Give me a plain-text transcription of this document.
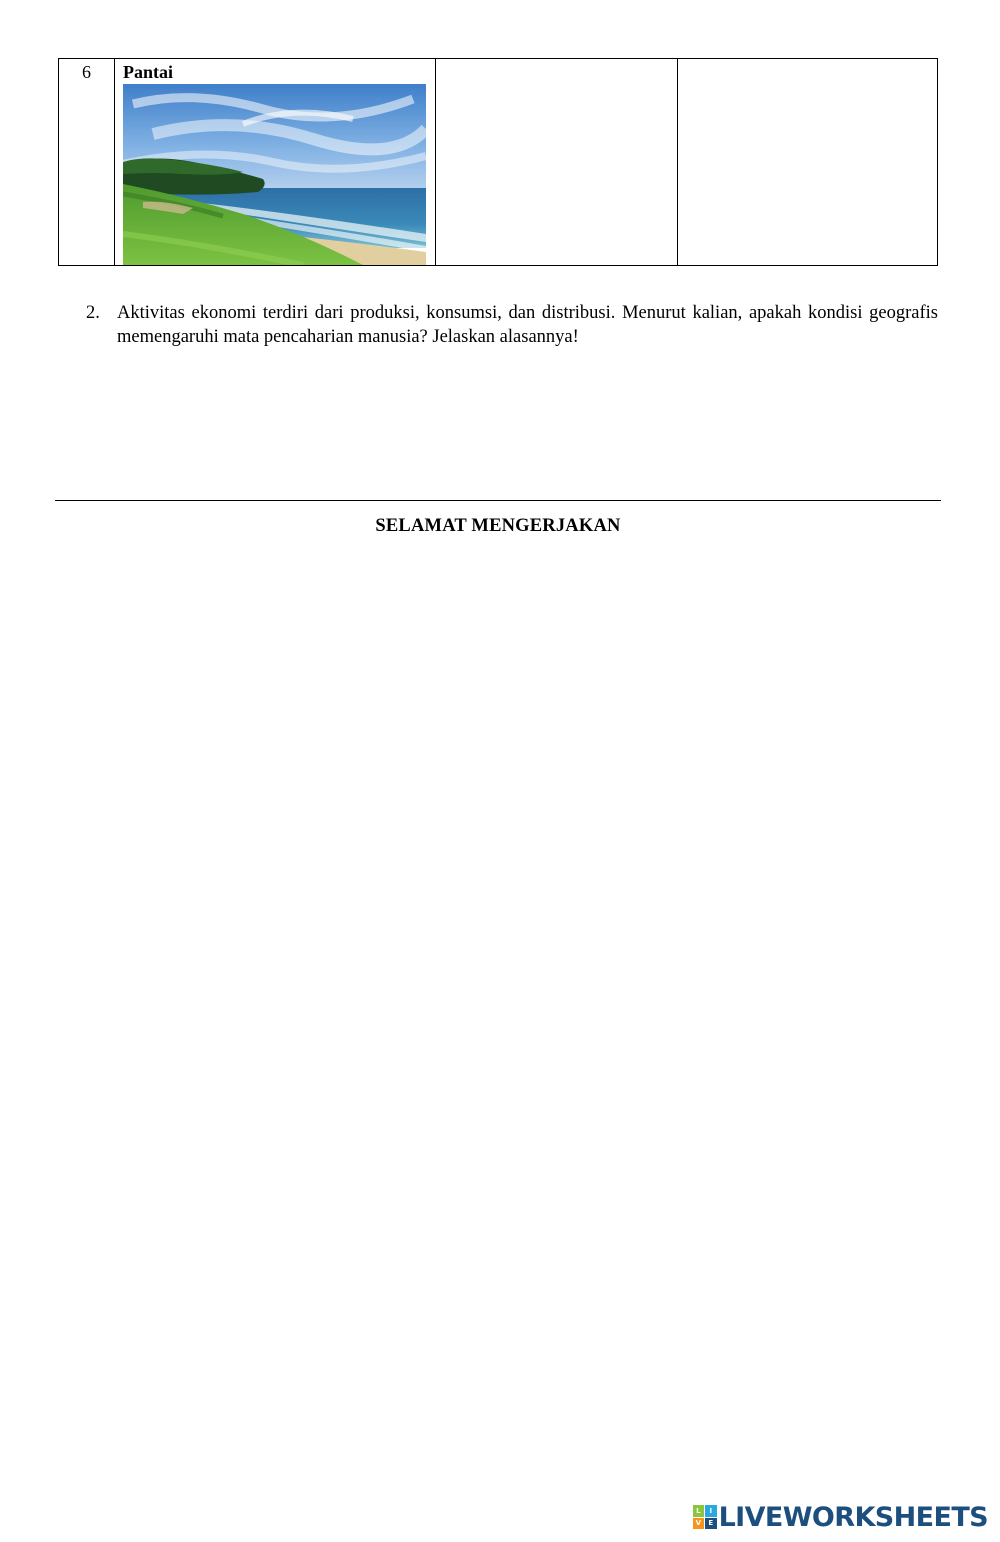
6	Pantai

2. Aktivitas ekonomi terdiri dari produksi, konsumsi, dan distribusi. Menurut kalian, apakah kondisi geografis memengaruhi mata pencaharian manusia? Jelaskan alasannya!
SELAMAT MENGERJAKAN
L	I
V	E LIVEWORKSHEETS
